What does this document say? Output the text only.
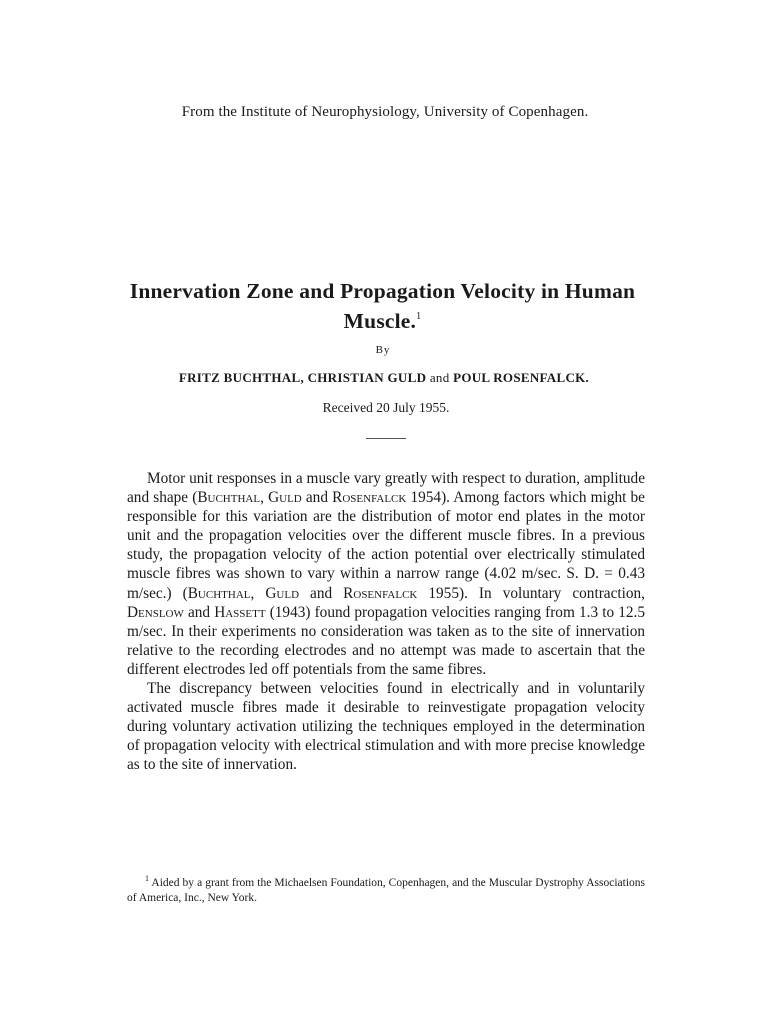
From the Institute of Neurophysiology, University of Copenhagen.
Innervation Zone and Propagation Velocity in Human Muscle.$^1$
By
FRITZ BUCHTHAL, CHRISTIAN GULD and POUL ROSENFALCK.
Received 20 July 1955.

Motor unit responses in a muscle vary greatly with respect to duration, amplitude and shape (Buchthal, Guld and Rosenfalck 1954). Among factors which might be responsible for this variation are the distribution of motor end plates in the motor unit and the propagation velocities over the different muscle fibres. In a previous study, the propagation velocity of the action potential over electrically stimulated muscle fibres was shown to vary within a narrow range (4.02 m/sec. S. D. = 0.43 m/sec.) (Buchthal, Guld and Rosenfalck 1955). In voluntary contraction, Denslow and Hassett (1943) found propagation velocities ranging from 1.3 to 12.5 m/sec. In their experiments no consideration was taken as to the site of innervation relative to the recording electrodes and no attempt was made to ascertain that the different electrodes led off potentials from the same fibres.

The discrepancy between velocities found in electrically and in voluntarily activated muscle fibres made it desirable to reinvestigate propagation velocity during voluntary activation utilizing the techniques employed in the determination of propagation velocity with electrical stimulation and with more precise knowledge as to the site of innervation.

$^1$ Aided by a grant from the Michaelsen Foundation, Copenhagen, and the Muscular Dystrophy Associations of America, Inc., New York.
